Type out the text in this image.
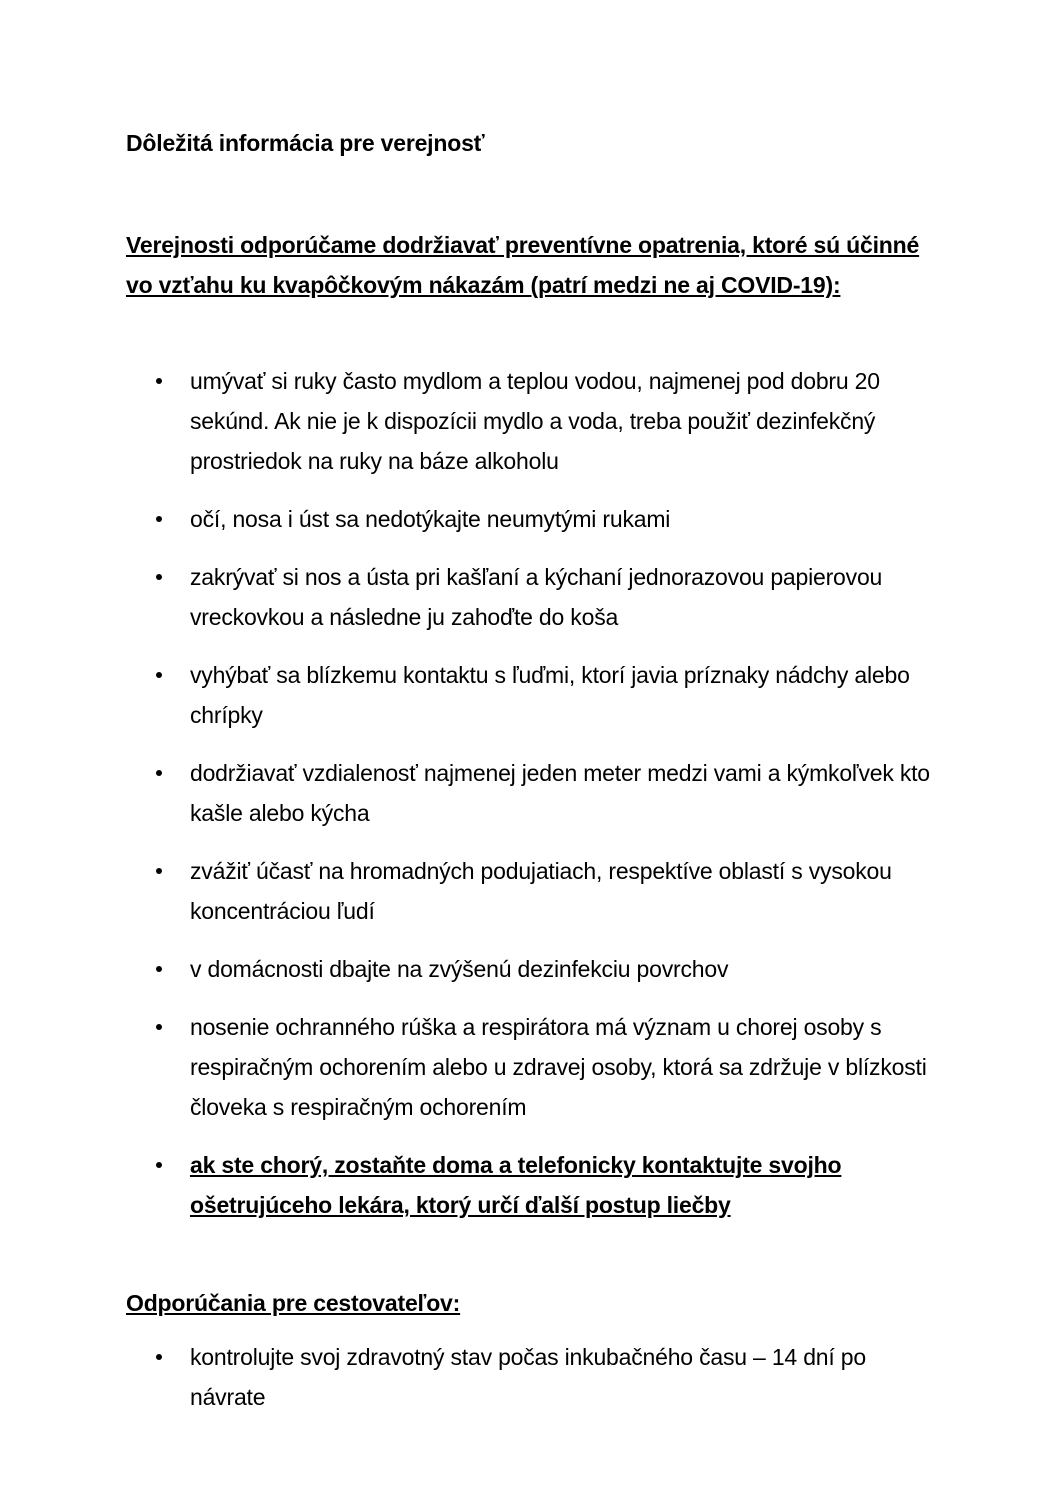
Dôležitá informácia pre verejnosť
Verejnosti odporúčame dodržiavať preventívne opatrenia, ktoré sú účinné vo vzťahu ku kvapôčkovým nákazám (patrí medzi ne aj COVID-19):
umývať si ruky často mydlom a teplou vodou, najmenej pod dobru 20 sekúnd. Ak nie je k dispozícii mydlo a voda, treba použiť dezinfekčný prostriedok na ruky na báze alkoholu
očí, nosa i úst sa nedotýkajte neumytými rukami
zakrývať si nos a ústa pri kašľaní a kýchaní jednorazovou papierovou vreckovkou a následne ju zahoďte do koša
vyhýbať sa blízkemu kontaktu s ľuďmi, ktorí javia príznaky nádchy alebo chrípky
dodržiavať vzdialenosť najmenej jeden meter medzi vami a kýmkoľvek kto kašle alebo kýcha
zvážiť účasť na hromadných podujatiach, respektíve oblastí s vysokou koncentráciou ľudí
v domácnosti dbajte na zvýšenú dezinfekciu povrchov
nosenie ochranného rúška a respirátora má význam u chorej osoby s respiračným ochorením alebo u zdravej osoby, ktorá sa zdržuje v blízkosti človeka s respiračným ochorením
ak ste chorý, zostaňte doma a telefonicky kontaktujte svojho ošetrujúceho lekára, ktorý určí ďalší postup liečby
Odporúčania pre cestovateľov:
kontrolujte svoj zdravotný stav počas inkubačného času – 14 dní po návrate
